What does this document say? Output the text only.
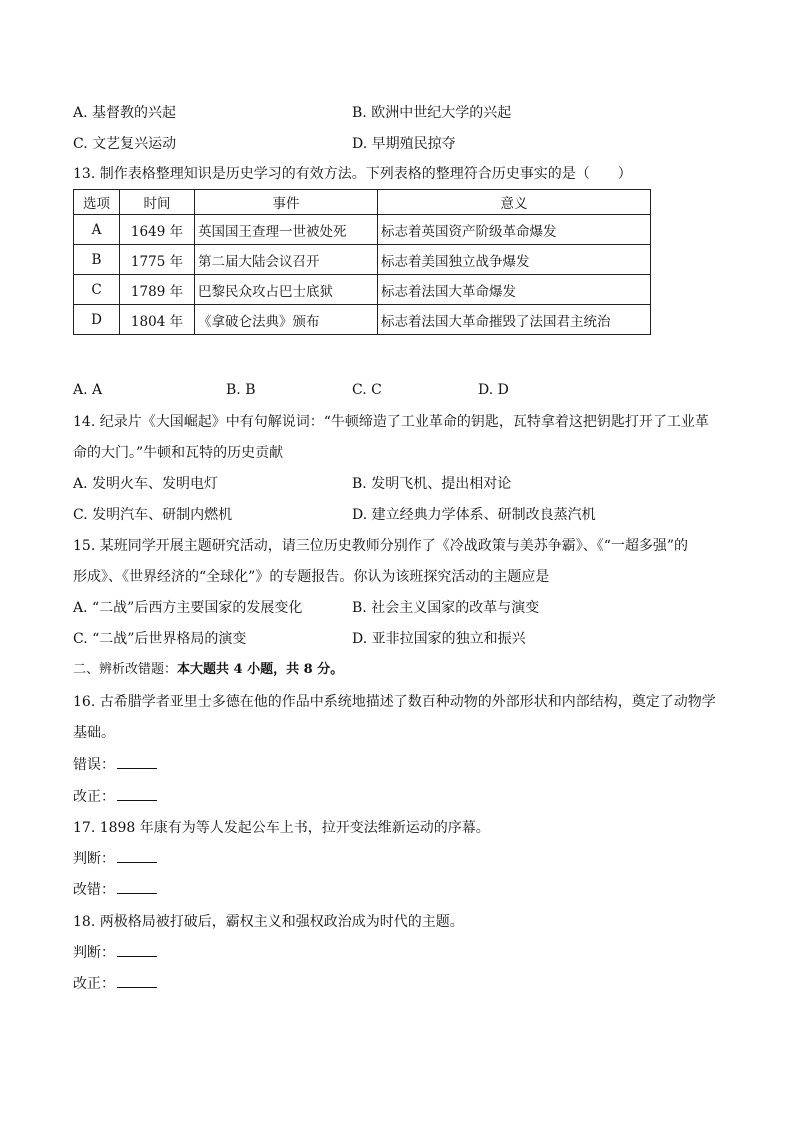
A. 基督教的兴起	B. 欧洲中世纪大学的兴起
C. 文艺复兴运动	D. 早期殖民掠夺
13. 制作表格整理知识是历史学习的有效方法。下列表格的整理符合历史事实的是（　　）
选项	时间	事件	意义
A	1649 年	英国国王查理一世被处死	标志着英国资产阶级革命爆发
B	1775 年	第二届大陆会议召开	标志着美国独立战争爆发
C	1789 年	巴黎民众攻占巴士底狱	标志着法国大革命爆发
D	1804 年	《拿破仑法典》颁布	标志着法国大革命摧毁了法国君主统治
A. A	B. B	C. C	D. D
14. 纪录片《大国崛起》中有句解说词：“牛顿缔造了工业革命的钥匙，瓦特拿着这把钥匙打开了工业革
命的大门。”牛顿和瓦特的历史贡献
A. 发明火车、发明电灯	B. 发明飞机、提出相对论
C. 发明汽车、研制内燃机	D. 建立经典力学体系、研制改良蒸汽机
15. 某班同学开展主题研究活动，请三位历史教师分别作了《冷战政策与美苏争霸》、《“一超多强”的
形成》、《世界经济的“全球化”》的专题报告。你认为该班探究活动的主题应是
A. “二战”后西方主要国家的发展变化	B. 社会主义国家的改革与演变
C. “二战”后世界格局的演变	D. 亚非拉国家的独立和振兴
二、辨析改错题：本大题共 4 小题，共 8 分。
16. 古希腊学者亚里士多德在他的作品中系统地描述了数百种动物的外部形状和内部结构，奠定了动物学
基础。
错误：
改正：
17. 1898 年康有为等人发起公车上书，拉开变法维新运动的序幕。
判断：
改错：
18. 两极格局被打破后，霸权主义和强权政治成为时代的主题。
判断：
改正：
